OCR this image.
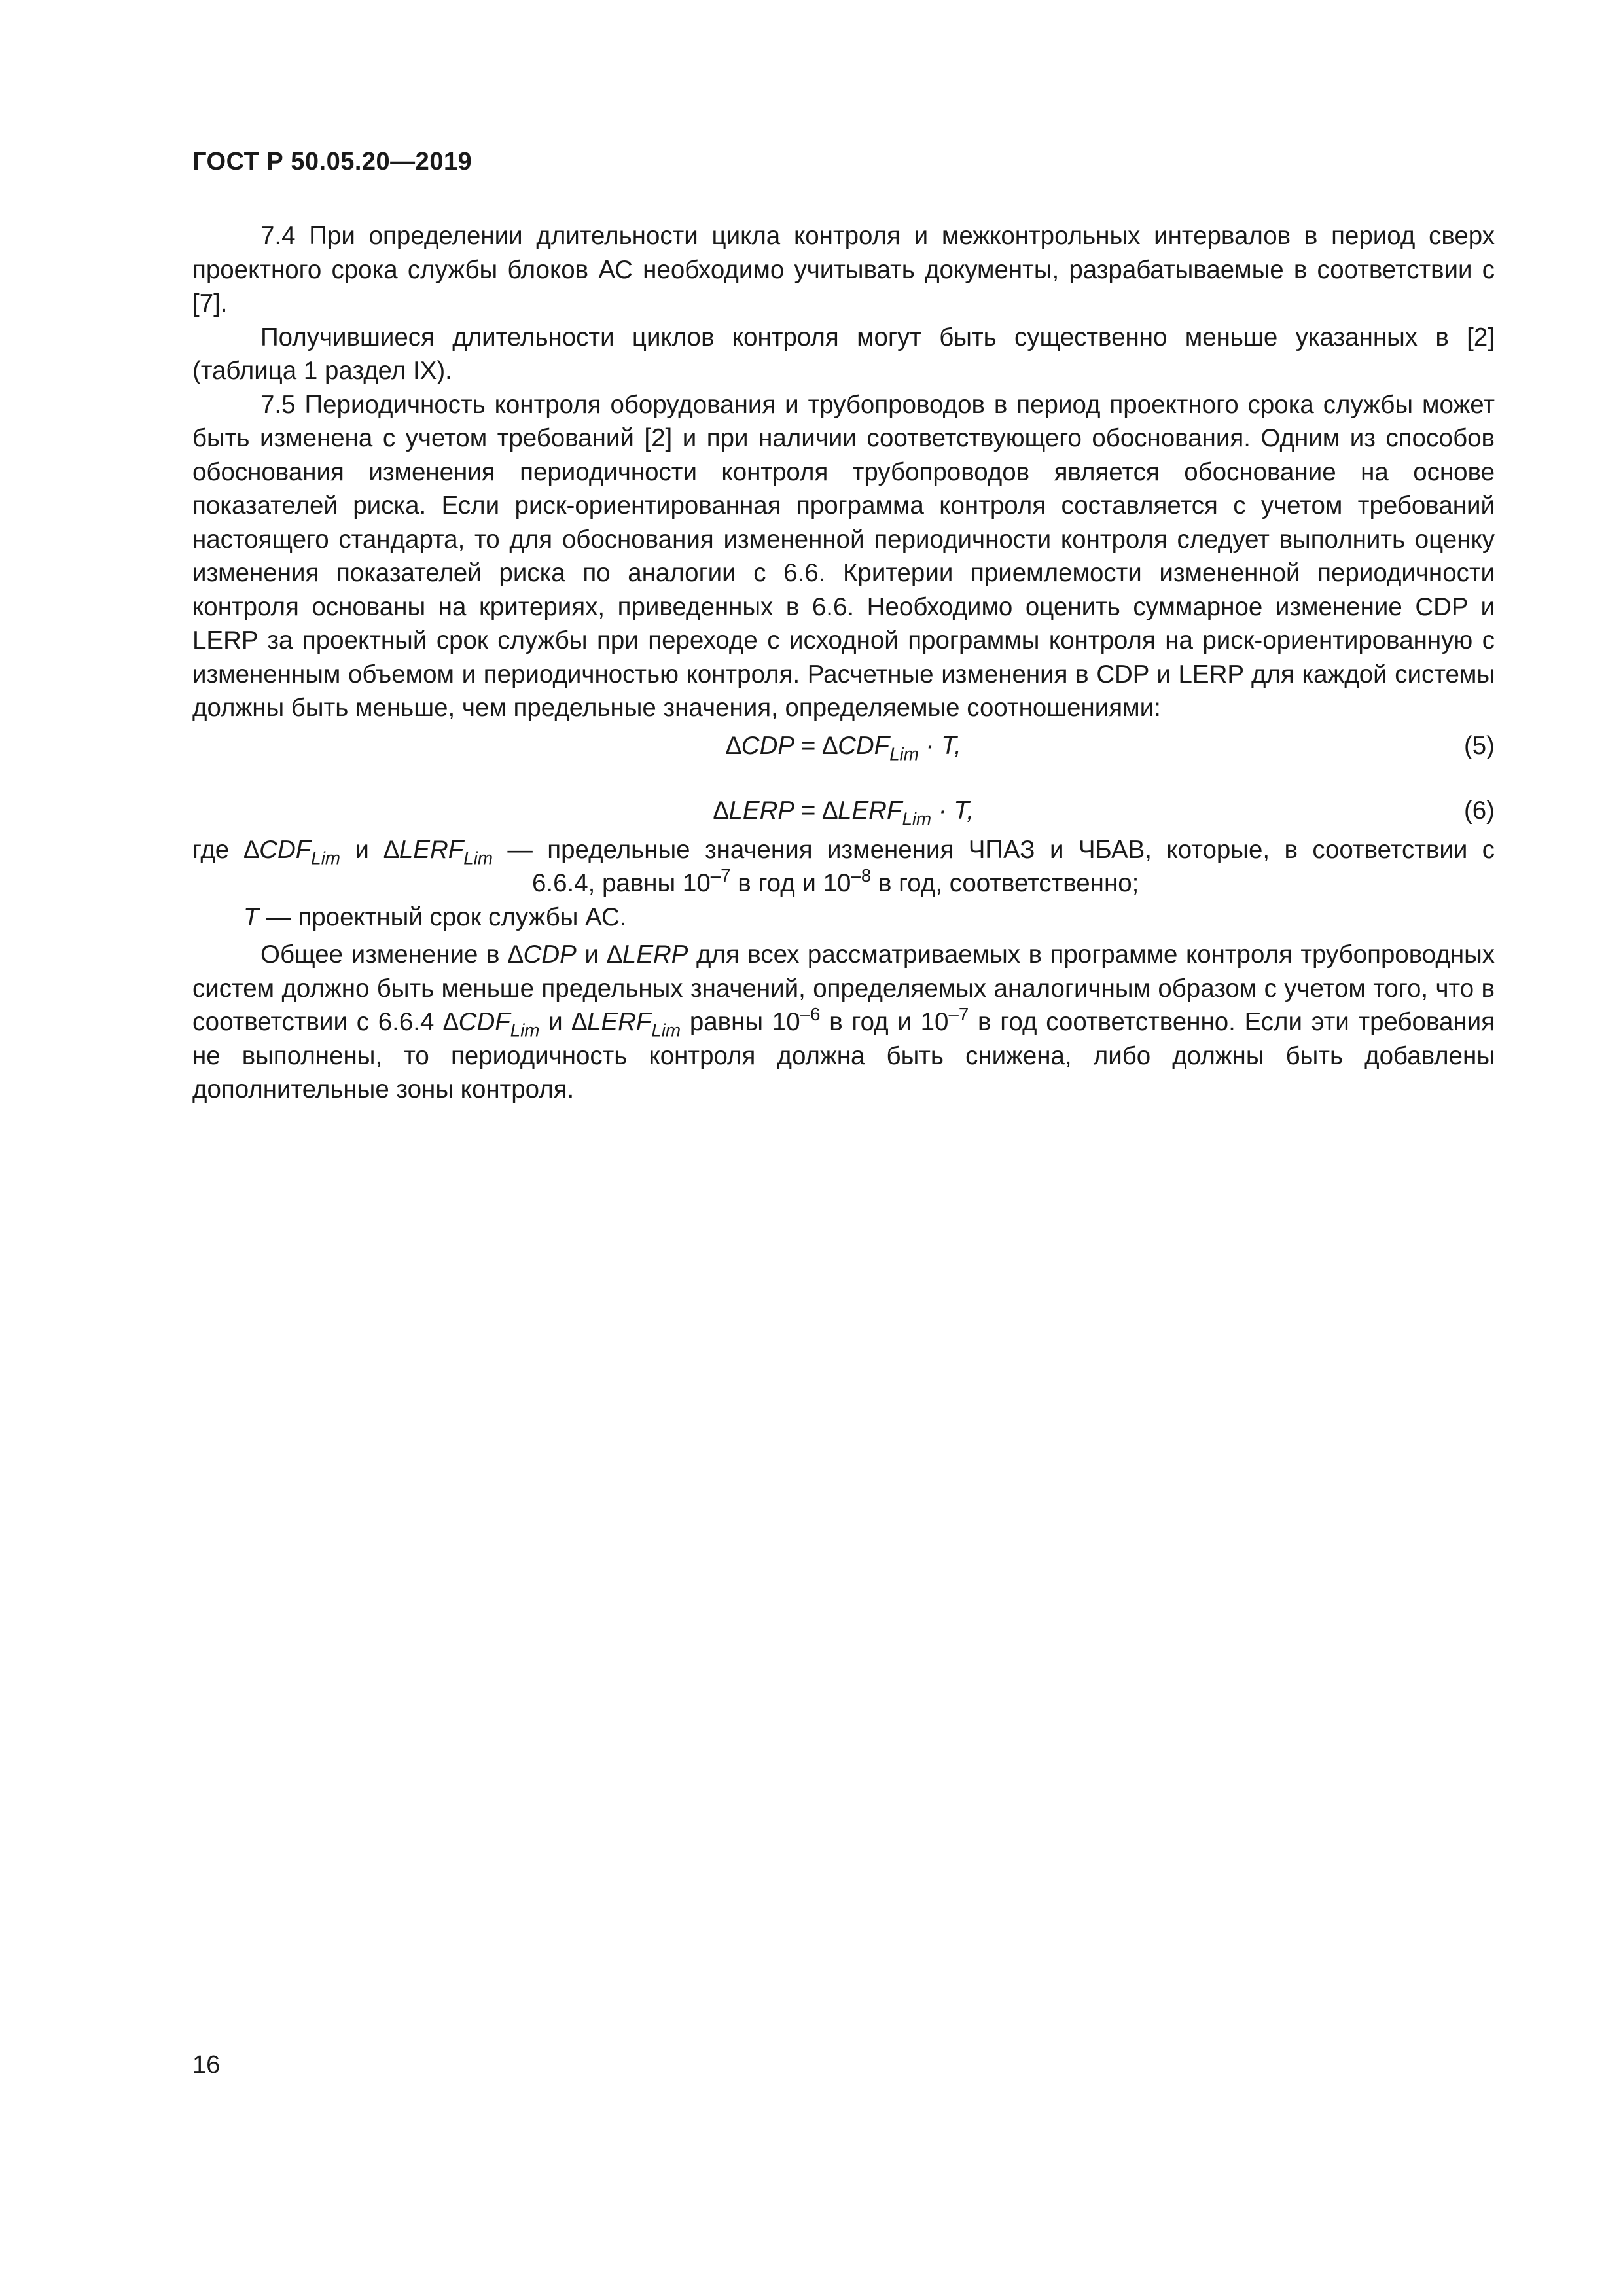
ГОСТ Р 50.05.20—2019

7.4 При определении длительности цикла контроля и межконтрольных интервалов в период сверх проектного срока службы блоков АС необходимо учитывать документы, разрабатываемые в соответствии с [7].

Получившиеся длительности циклов контроля могут быть существенно меньше указанных в [2] (таблица 1 раздел IX).

7.5 Периодичность контроля оборудования и трубопроводов в период проектного срока службы может быть изменена с учетом требований [2] и при наличии соответствующего обоснования. Одним из способов обоснования изменения периодичности контроля трубопроводов является обоснование на основе показателей риска. Если риск-ориентированная программа контроля составляется с учетом требований настоящего стандарта, то для обоснования измененной периодичности контроля следует выполнить оценку изменения показателей риска по аналогии с 6.6. Критерии приемлемости измененной периодичности контроля основаны на критериях, приведенных в 6.6. Необходимо оценить суммарное изменение CDP и LERP за проектный срок службы при переходе с исходной программы контроля на риск-ориентированную с измененным объемом и периодичностью контроля. Расчетные изменения в CDP и LERP для каждой системы должны быть меньше, чем предельные значения, определяемые соотношениями:

$\Delta CDP = \Delta CDF_{Lim} \cdot T$,	(5)
∆LERP = $\Delta LERF_{Lim} \cdot T$,	(6)
где $\Delta CDF_{Lim}$ и $\Delta LERF_{Lim}$ — предельные значения изменения ЧПАЗ и ЧБАВ, которые, в соответствии с
6.6.4, равны $10^{-7}$ в год и $10^{-8}$ в год, соответственно;
T — проектный срок службы АС.

Общее изменение в ∆CDP и ∆LERP для всех рассматриваемых в программе контроля трубопроводных систем должно быть меньше предельных значений, определяемых аналогичным образом с учетом того, что в соответствии с 6.6.4 $\Delta CDF_{Lim}$ и $\Delta LERF_{Lim}$ равны $10^{-6}$ в год и $10^{-7}$ в год соответственно. Если эти требования не выполнены, то периодичность контроля должна быть снижена, либо должны быть добавлены дополнительные зоны контроля.

16
